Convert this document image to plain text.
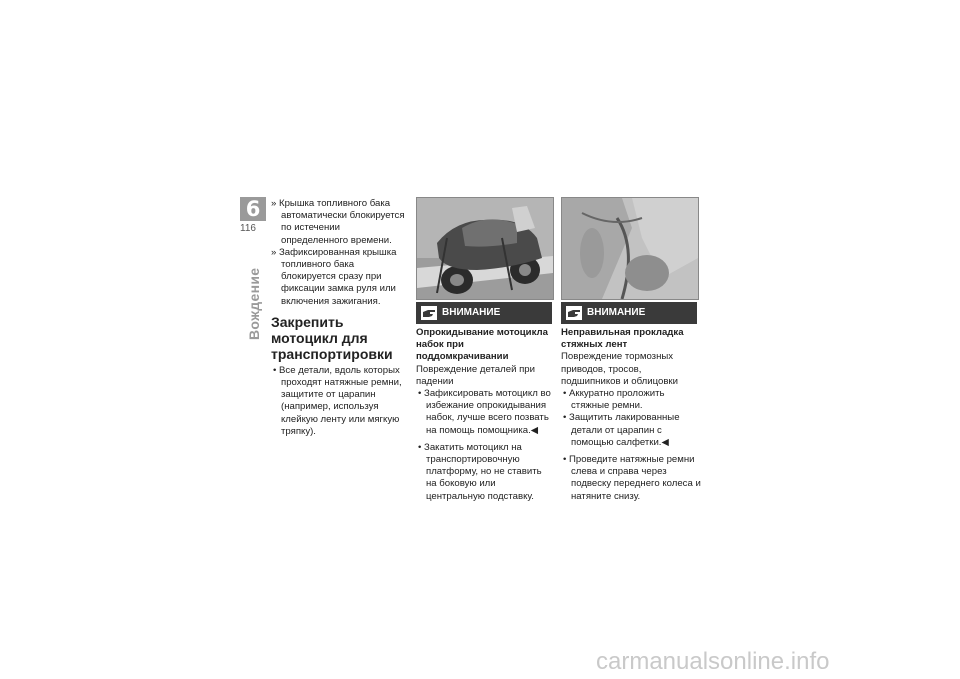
6
116
Вождение

» Крышка топливного бака автоматически блокируется по истечении определенного времени.

» Зафиксированная крышка топливного бака блокируется сразу при фиксации замка руля или включения зажигания.

Закрепить мотоцикл для транспортировки

• Все детали, вдоль которых проходят натяжные ремни, защитите от царапин (например, используя клейкую ленту или мягкую тряпку).

ВНИМАНИЕ	ВНИМАНИЕ

Опрокидывание мотоцикла набок при поддомкрачивании

Повреждение деталей при падении

• Зафиксировать мотоцикл во избежание опрокидывания набок, лучше всего позвать на помощь помощника.◀

• Закатить мотоцикл на транспортировочную платформу, но не ставить на боковую или центральную подставку.

Неправильная прокладка стяжных лент

Повреждение тормозных приводов, тросов, подшипников и облицовки

• Аккуратно проложить стяжные ремни.

• Защитить лакированные детали от царапин с помощью салфетки.◀

• Проведите натяжные ремни слева и справа через подвеску переднего колеса и натяните снизу.

carmanualsonline.info
